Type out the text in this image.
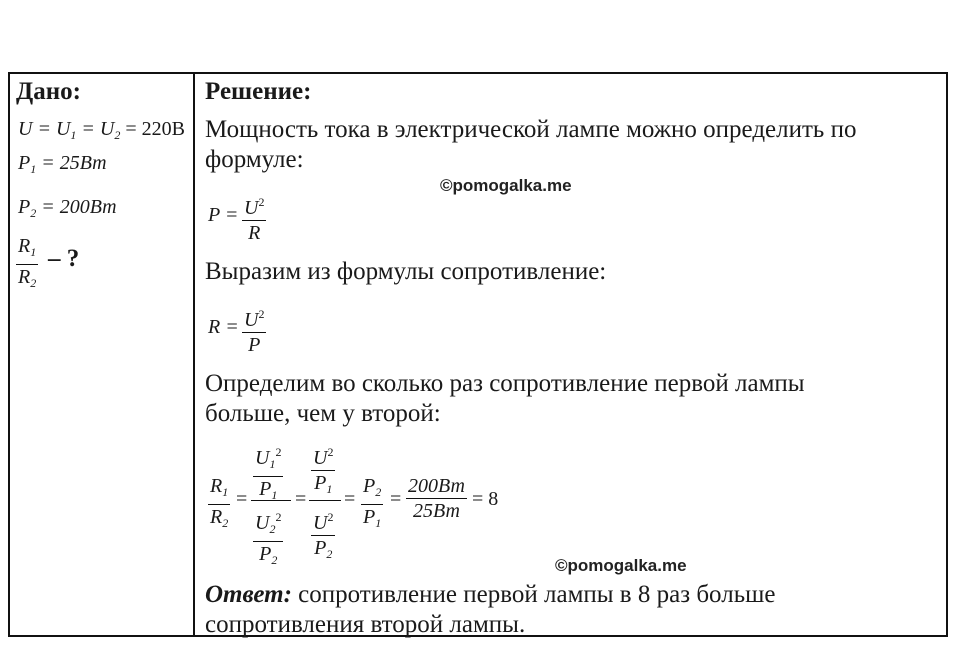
Дано:
$U = U_1 = U_2 = 220В$
$P_1 = 25Вт$
$P_2 = 200Вт$
$\frac{R_1}{R_2}$ – ?
Решение:
Мощность тока в электрической лампе можно определить по
формуле:
©pomogalka.me
$P = \frac{U^2}{R}$
Выразим из формулы сопротивление:
$R = \frac{U^2}{P}$
Определим во сколько раз сопротивление первой лампы
больше, чем у второй:
$\frac{R_1}{R_2} = \frac{U_1^2}{P_1}$
$\frac{U_2^2}{P_2}$
= $\frac{U^2}{P_1}$
$\frac{U^2}{P_2}$
= $\frac{P_2}{P_1}$ =
200Вт
25Вт
= 8
©pomogalka.me
Ответ: сопротивление первой лампы в 8 раз больше
сопротивления второй лампы.
